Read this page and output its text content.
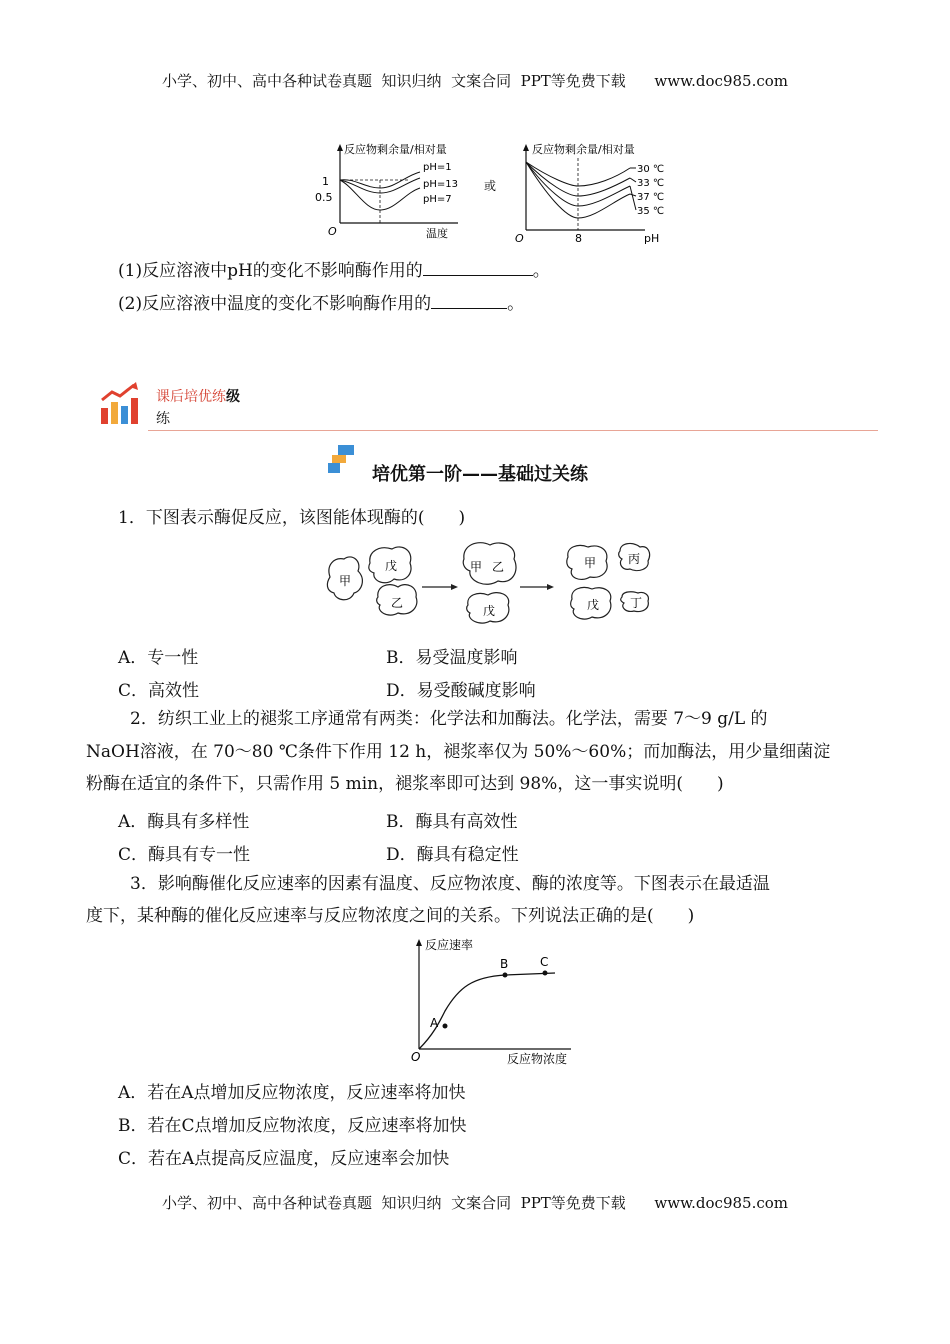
小学、初中、高中各种试卷真题  知识归纳  文案合同  PPT等免费下载      www.doc985.com
反应物剩余量/相对量
1
0.5
O	温度
pH=1
pH=13
pH=7
或
反应物剩余量/相对量
O	8	pH
30 ℃
33 ℃
37 ℃
35 ℃
(1)反应溶液中pH的变化不影响酶作用的	。
(2)反应溶液中温度的变化不影响酶作用的	。
课后培优练级
练
培优第一阶——基础过关练
1．下图表示酶促反应，该图能体现酶的(　　)
甲
戊
乙
甲 乙
戊
甲	丙
戊	丁
A．专一性	B．易受温度影响
C．高效性	D．易受酸碱度影响
2．纺织工业上的褪浆工序通常有两类：化学法和加酶法。化学法，需要 7～9 g/L 的
NaOH溶液，在 70～80 ℃条件下作用 12 h，褪浆率仅为 50%～60%；而加酶法，用少量细菌淀
粉酶在适宜的条件下，只需作用 5 min，褪浆率即可达到 98%，这一事实说明(　　)
A．酶具有多样性	B．酶具有高效性
C．酶具有专一性	D．酶具有稳定性
3．影响酶催化反应速率的因素有温度、反应物浓度、酶的浓度等。下图表示在最适温
度下，某种酶的催化反应速率与反应物浓度之间的关系。下列说法正确的是(　　)
反应速率
O	反应物浓度
A
B	C
A．若在A点增加反应物浓度，反应速率将加快
B．若在C点增加反应物浓度，反应速率将加快
C．若在A点提高反应温度，反应速率会加快
小学、初中、高中各种试卷真题  知识归纳  文案合同  PPT等免费下载      www.doc985.com
